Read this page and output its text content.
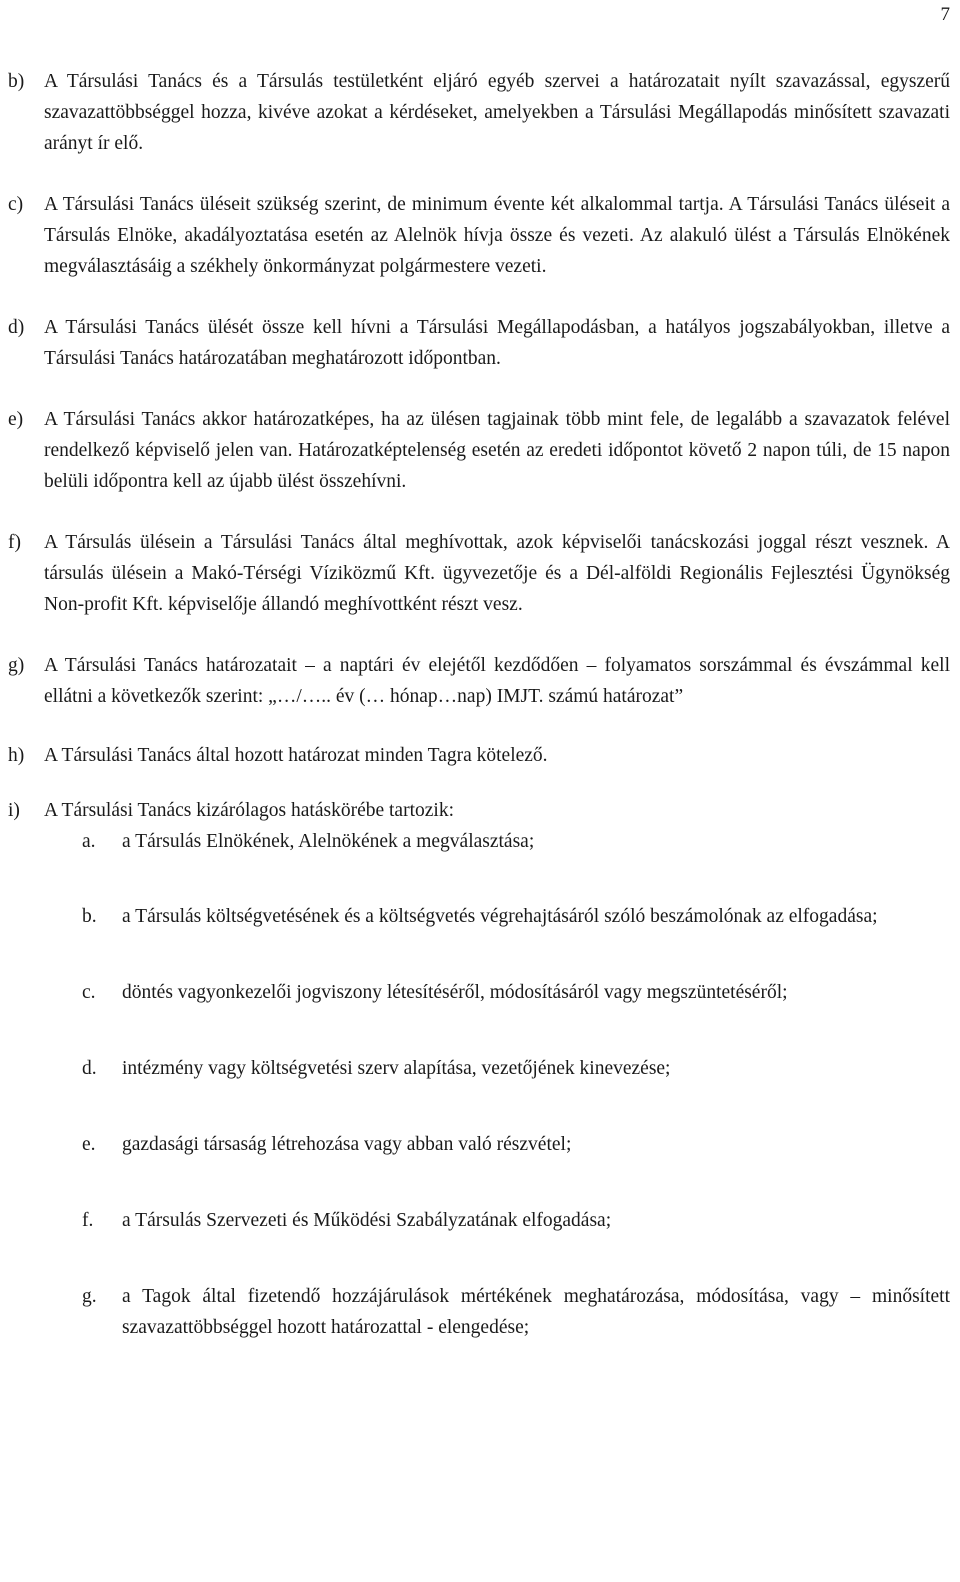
7
b)	A Társulási Tanács és a Társulás testületként eljáró egyéb szervei a határozatait nyílt szavazással, egyszerű szavazattöbbséggel hozza, kivéve azokat a kérdéseket, amelyekben a Társulási Megállapodás minősített szavazati arányt ír elő.
c)	A Társulási Tanács üléseit szükség szerint, de minimum évente két alkalommal tartja. A Társulási Tanács üléseit a Társulás Elnöke, akadályoztatása esetén az Alelnök hívja össze és vezeti. Az alakuló ülést a Társulás Elnökének megválasztásáig a székhely önkormányzat polgármestere vezeti.
d)	A Társulási Tanács ülését össze kell hívni a Társulási Megállapodásban, a hatályos jogszabályokban, illetve a Társulási Tanács határozatában meghatározott időpontban.
e)	A Társulási Tanács akkor határozatképes, ha az ülésen tagjainak több mint fele, de legalább a szavazatok felével rendelkező képviselő jelen van. Határozatképtelenség esetén az eredeti időpontot követő 2 napon túli, de 15 napon belüli időpontra kell az újabb ülést összehívni.
f)	A Társulás ülésein a Társulási Tanács által meghívottak, azok képviselői tanácskozási joggal részt vesznek. A társulás ülésein a Makó-Térségi Víziközmű Kft. ügyvezetője és a Dél-alföldi Regionális Fejlesztési Ügynökség Non-profit Kft. képviselője állandó meghívottként részt vesz.
g)	A Társulási Tanács határozatait – a naptári év elejétől kezdődően – folyamatos sorszámmal és évszámmal kell ellátni a következők szerint: „…/….. év (… hónap…nap) IMJT. számú határozat”
h)	A Társulási Tanács által hozott határozat minden Tagra kötelező.
i)	A Társulási Tanács kizárólagos hatáskörébe tartozik:
a.	a Társulás Elnökének, Alelnökének a megválasztása;
b.	a Társulás költségvetésének és a költségvetés végrehajtásáról szóló beszámolónak az elfogadása;
c.	döntés vagyonkezelői jogviszony létesítéséről, módosításáról vagy megszüntetéséről;
d.	intézmény vagy költségvetési szerv alapítása, vezetőjének kinevezése;
e.	gazdasági társaság létrehozása vagy abban való részvétel;
f.	a Társulás Szervezeti és Működési Szabályzatának elfogadása;
g.	a Tagok által fizetendő hozzájárulások mértékének meghatározása, módosítása, vagy – minősített szavazattöbbséggel hozott határozattal - elengedése;
